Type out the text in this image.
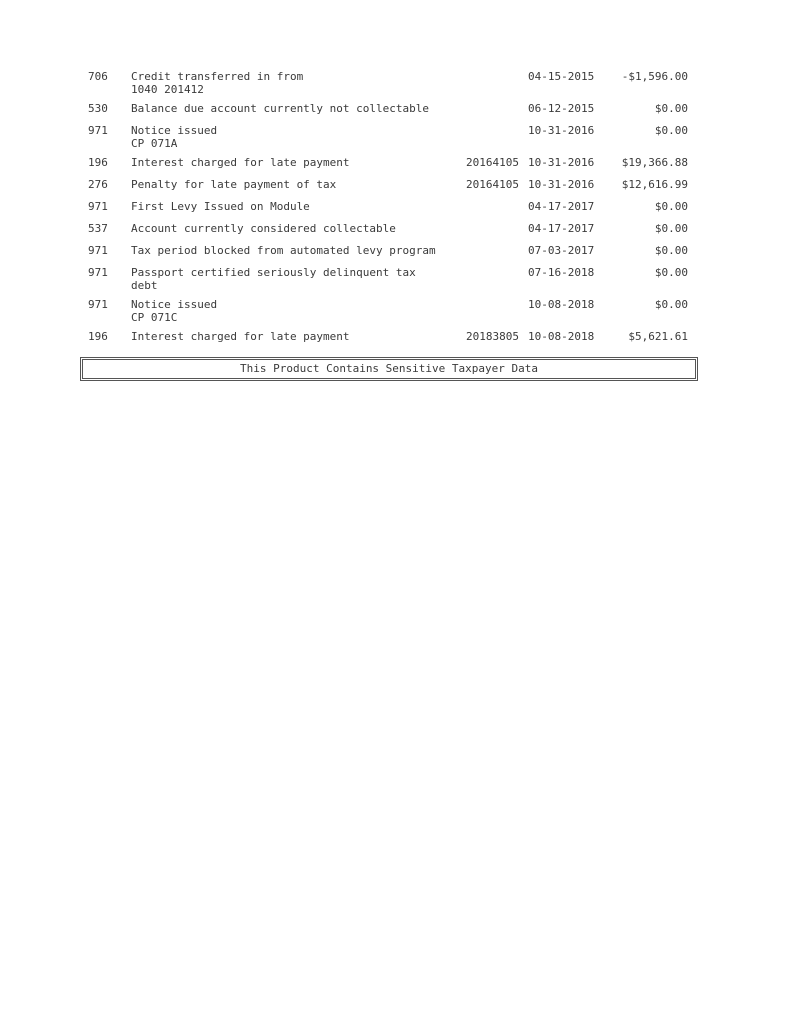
706 Credit transferred in from
1040 201412
04-15-2015	-$1,596.00
530 Balance due account currently not collectable	06-12-2015	$0.00
971 Notice issued
CP 071A
10-31-2016	$0.00
196 Interest charged for late payment	20164105 10-31-2016	$19,366.88
276 Penalty for late payment of tax	20164105 10-31-2016	$12,616.99
971 First Levy Issued on Module	04-17-2017	$0.00
537 Account currently considered collectable	04-17-2017	$0.00
971 Tax period blocked from automated levy program	07-03-2017	$0.00
971 Passport certified seriously delinquent tax
debt
07-16-2018	$0.00
971 Notice issued
CP 071C
10-08-2018	$0.00
196 Interest charged for late payment	20183805 10-08-2018	$5,621.61
This Product Contains Sensitive Taxpayer Data
